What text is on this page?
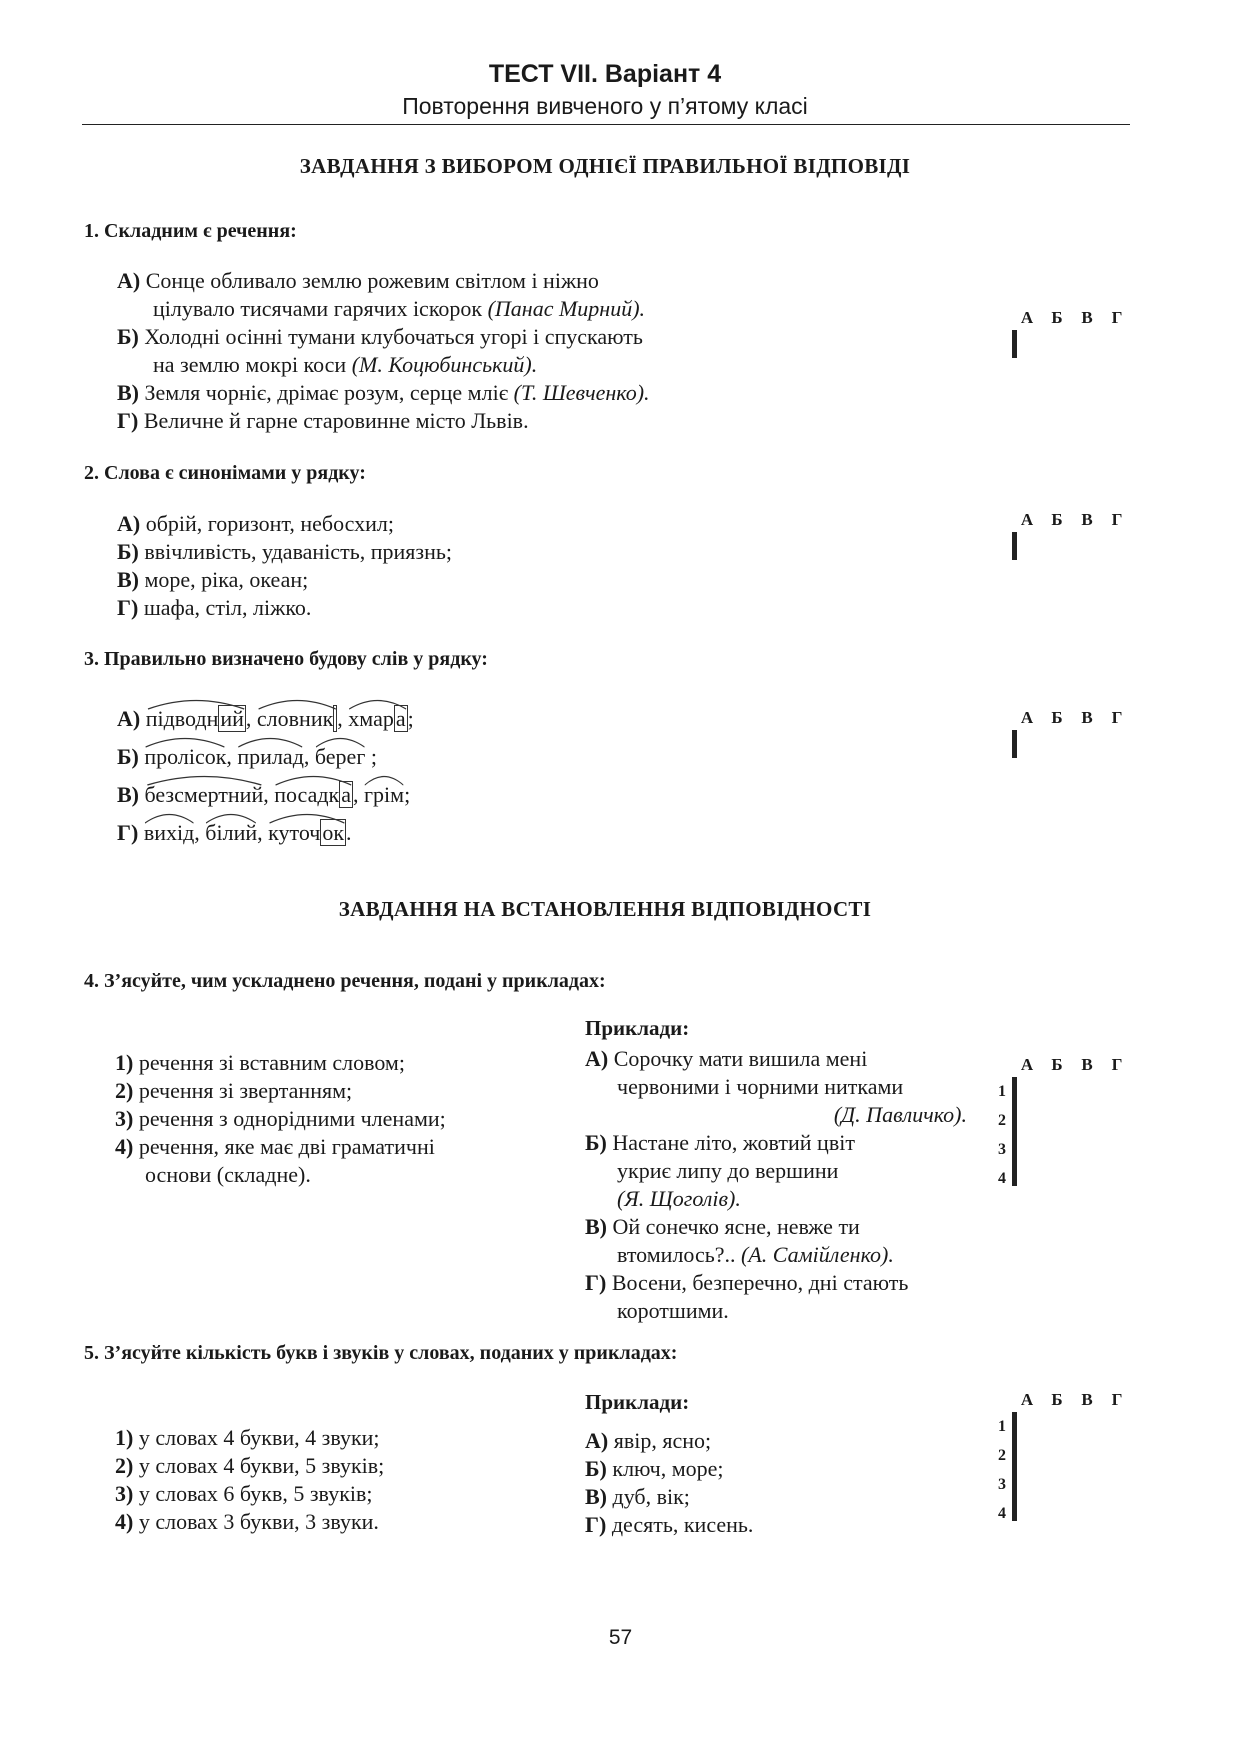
ТЕСТ VII. Варіант 4
Повторення вивченого у п’ятому класі
ЗАВДАННЯ З ВИБОРОМ ОДНІЄЇ ПРАВИЛЬНОЇ ВІДПОВІДІ
1. Складним є речення:
А) Сонце обливало землю рожевим світлом і ніжно
цілувало тисячами гарячих іскорок (Панас Мирний).
Б) Холодні осінні тумани клубочаться угорі і спускають
на землю мокрі коси (М. Коцюбинський).
В) Земля чорніє, дрімає розум, серце мліє (Т. Шевченко).
Г) Величне й гарне старовинне місто Львів.
А	Б	В	Г

2. Слова є синонімами у рядку:
А) обрій, горизонт, небосхил;
Б) ввічливість, удаваність, приязнь;
В) море, ріка, океан;
Г) шафа, стіл, ліжко.
А	Б	В	Г

3. Правильно визначено будову слів у рядку:
А) підводний,
словник ,
хмара;
Б) пролісок,
прилад,
берег ;
В) безсмертний,
посадка,
грім;
Г) вихід,
білий,
куточок.
А	Б	В	Г

ЗАВДАННЯ НА ВСТАНОВЛЕННЯ ВІДПОВІДНОСТІ
4. З’ясуйте, чим ускладнено речення, подані у прикладах:
Приклади:
1) речення зі вставним словом;
2) речення зі звертанням;
3) речення з однорідними членами;
4) речення, яке має дві граматичні
основи (складне).
А) Сорочку мати вишила мені
червоними і чорними нитками
(Д. Павличко).
Б) Настане літо, жовтий цвіт
укриє липу до вершини
(Я. Щоголів).
В) Ой сонечко ясне, невже ти
втомилось?.. (А. Самійленко).
Г) Восени, безперечно, дні стають
коротшими.
А	Б	В	Г
1
2
3
4

5. З’ясуйте кількість букв і звуків у словах, поданих у прикладах:
Приклади:
1) у словах 4 букви, 4 звуки;
2) у словах 4 букви, 5 звуків;
3) у словах 6 букв, 5 звуків;
4) у словах 3 букви, 3 звуки.
А) явір, ясно;
Б) ключ, море;
В) дуб, вік;
Г) десять, кисень.
А	Б	В	Г
1
2
3
4

57
